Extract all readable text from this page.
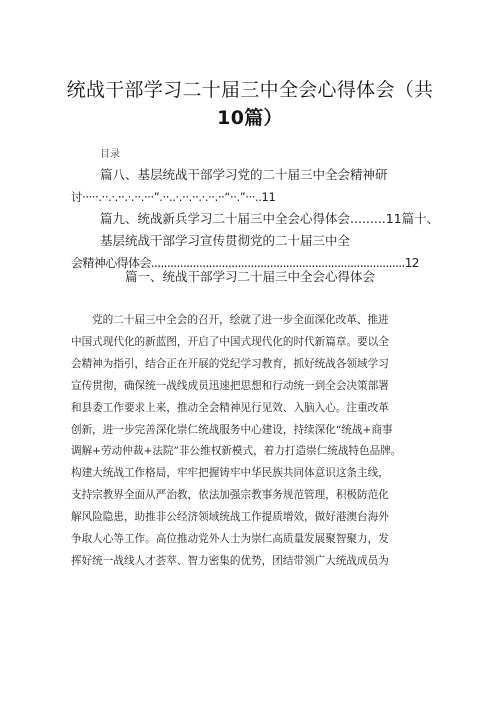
统战干部学习二十届三中全会心得体会（共
10篇）
目录
篇八、基层统战干部学习党的二十届三中全会精神研
讨·····.··.·.··.·.··.···”.··..·.··.··.·.··.··“··.”···..11
篇九、统战新兵学习二十届三中全会心得体会.........11篇十、
基层统战干部学习宣传贯彻党的二十届三中全
会精神心得体会...............................................................................12
篇一、统战干部学习二十届三中全会心得体会
党的二十届三中全会的召开，绘就了进一步全面深化改革、推进
中国式现代化的新蓝图，开启了中国式现代化的时代新篇章。要以全
会精神为指引，结合正在开展的党纪学习教育，抓好统战各领域学习
宣传贯彻，确保统一战线成员迅速把思想和行动统一到全会决策部署
和县委工作要求上来，推动全会精神见行见效、入脑入心。注重改革
创新，进一步完善深化崇仁统战服务中心建设，持续深化“统战+商事
调解+劳动仲裁+法院”非公维权新模式，着力打造崇仁统战特色品牌。
构建大统战工作格局，牢牢把握铸牢中华民族共同体意识这条主线，
支持宗教界全面从严治教，依法加强宗教事务规范管理，积极防范化
解风险隐患，助推非公经济领域统战工作提质增效，做好港澳台海外
争取人心等工作。高位推动党外人士为崇仁高质量发展聚智聚力，发
挥好统一战线人才荟萃、智力密集的优势，团结带领广大统战成员为
